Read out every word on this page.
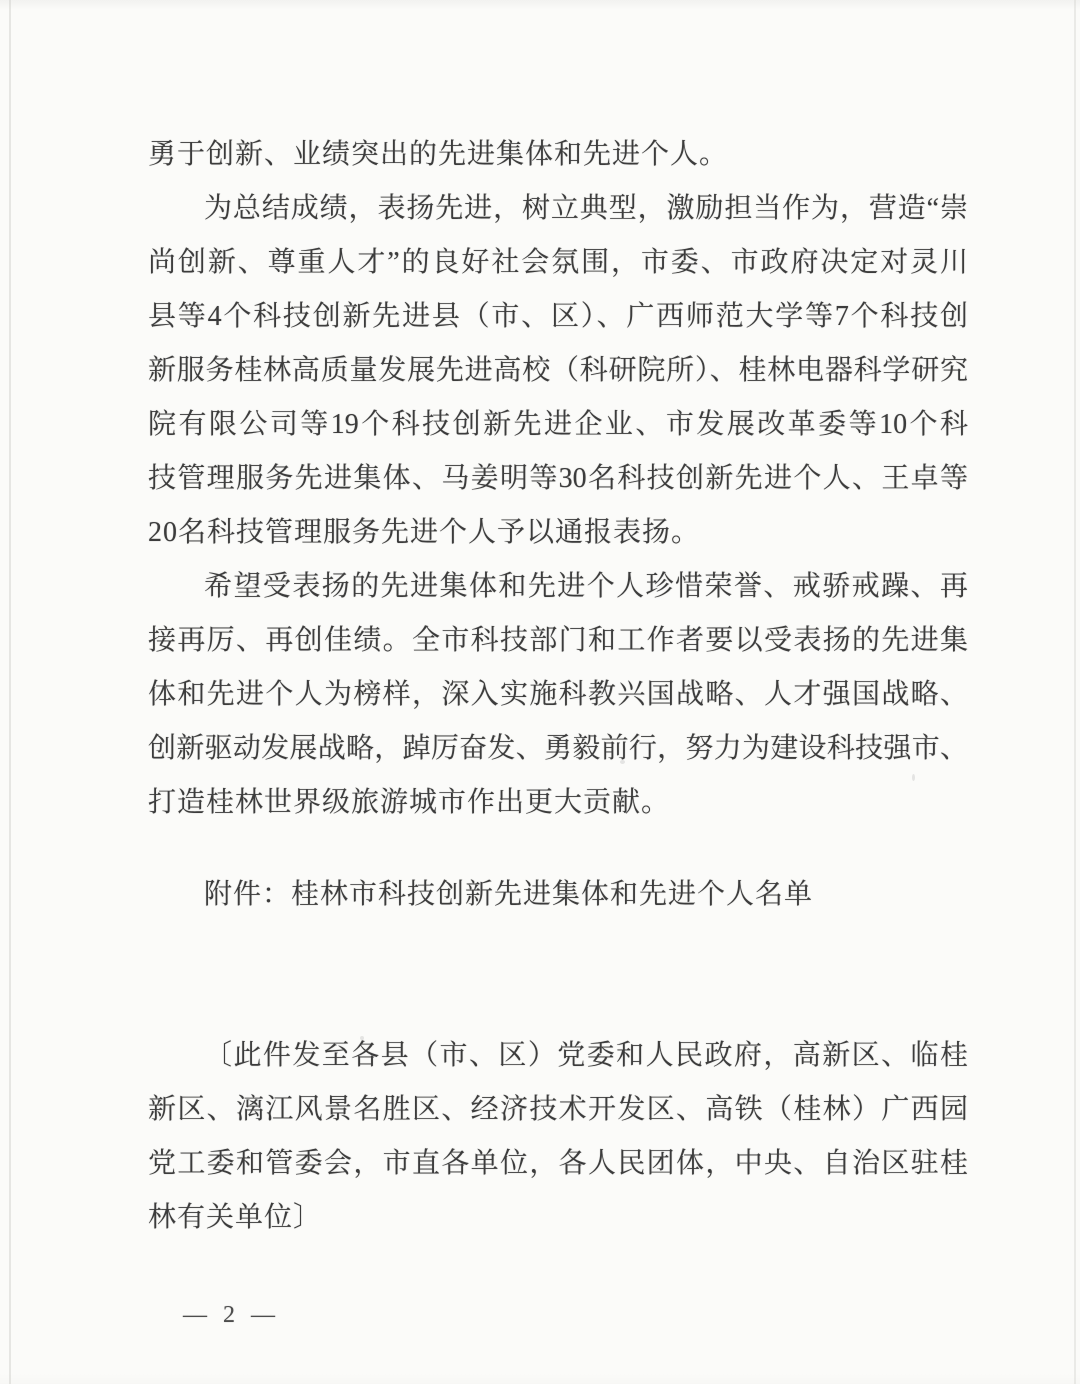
勇于创新、业绩突出的先进集体和先进个人。
为总结成绩，表扬先进，树立典型，激励担当作为，营造“崇
尚创新、尊重人才”的良好社会氛围，市委、市政府决定对灵川
县等4个科技创新先进县（市、区）、广西师范大学等7个科技创
新服务桂林高质量发展先进高校（科研院所）、桂林电器科学研究
院有限公司等19个科技创新先进企业、市发展改革委等10个科
技管理服务先进集体、马姜明等30名科技创新先进个人、王卓等
20名科技管理服务先进个人予以通报表扬。
希望受表扬的先进集体和先进个人珍惜荣誉、戒骄戒躁、再
接再厉、再创佳绩。全市科技部门和工作者要以受表扬的先进集
体和先进个人为榜样，深入实施科教兴国战略、人才强国战略、
创新驱动发展战略，踔厉奋发、勇毅前行，努力为建设科技强市、
打造桂林世界级旅游城市作出更大贡献。
附件：桂林市科技创新先进集体和先进个人名单
〔此件发至各县（市、区）党委和人民政府，高新区、临桂
新区、漓江风景名胜区、经济技术开发区、高铁（桂林）广西园
党工委和管委会，市直各单位，各人民团体，中央、自治区驻桂
林有关单位〕
— 2 —
